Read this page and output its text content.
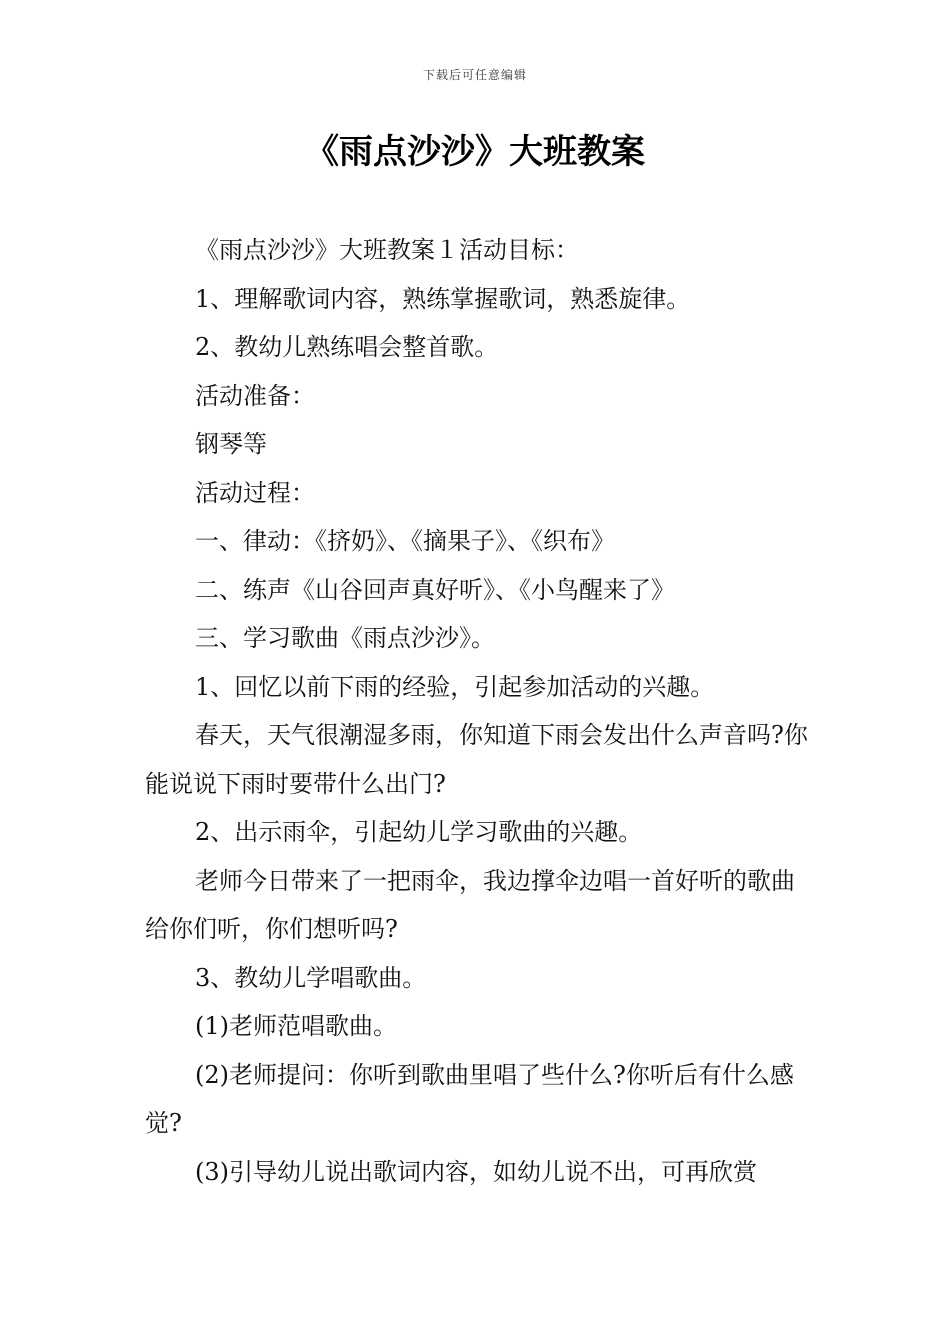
下载后可任意编辑
《雨点沙沙》大班教案

《雨点沙沙》大班教案１活动目标：

1、理解歌词内容，熟练掌握歌词，熟悉旋律。

2、教幼儿熟练唱会整首歌。

活动准备：

钢琴等

活动过程：

一、律动：《挤奶》、《摘果子》、《织布》

二、练声《山谷回声真好听》、《小鸟醒来了》

三、学习歌曲《雨点沙沙》。

1、回忆以前下雨的经验，引起参加活动的兴趣。

春天，天气很潮湿多雨，你知道下雨会发出什么声音吗?你能说说下雨时要带什么出门?

2、出示雨伞，引起幼儿学习歌曲的兴趣。

老师今日带来了一把雨伞，我边撑伞边唱一首好听的歌曲给你们听，你们想听吗?

3、教幼儿学唱歌曲。

(1)老师范唱歌曲。

(2)老师提问：你听到歌曲里唱了些什么?你听后有什么感觉?

(3)引导幼儿说出歌词内容，如幼儿说不出，可再欣赏
